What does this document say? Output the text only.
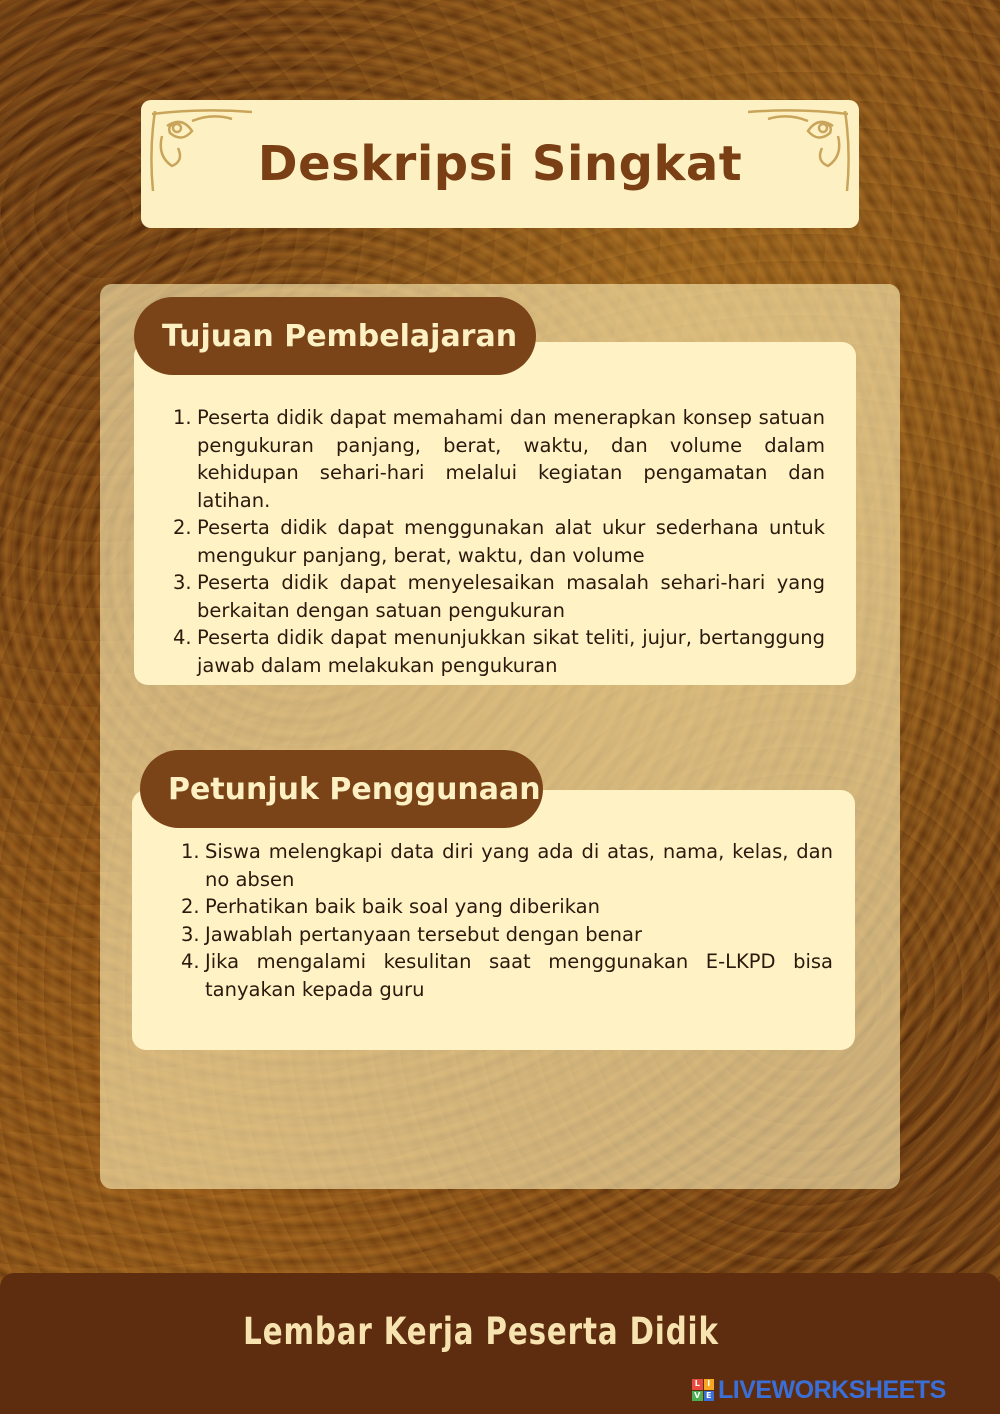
Deskripsi Singkat
Tujuan Pembelajaran
1. Peserta didik dapat memahami dan menerapkan konsep satuan pengukuran panjang, berat, waktu, dan volume dalam kehidupan sehari-hari melalui kegiatan pengamatan dan latihan.
2. Peserta didik dapat menggunakan alat ukur sederhana untuk mengukur panjang, berat, waktu, dan volume
3. Peserta didik dapat menyelesaikan masalah sehari-hari yang berkaitan dengan satuan pengukuran
4. Peserta didik dapat menunjukkan sikat teliti, jujur, bertanggung jawab dalam melakukan pengukuran
Petunjuk Penggunaan
1. Siswa melengkapi data diri yang ada di atas, nama, kelas, dan no absen
2. Perhatikan baik baik soal yang diberikan
3. Jawablah pertanyaan tersebut dengan benar
4. Jika mengalami kesulitan saat menggunakan E-LKPD bisa tanyakan kepada guru
Lembar Kerja Peserta Didik
L I
V E LIVEWORKSHEETS
